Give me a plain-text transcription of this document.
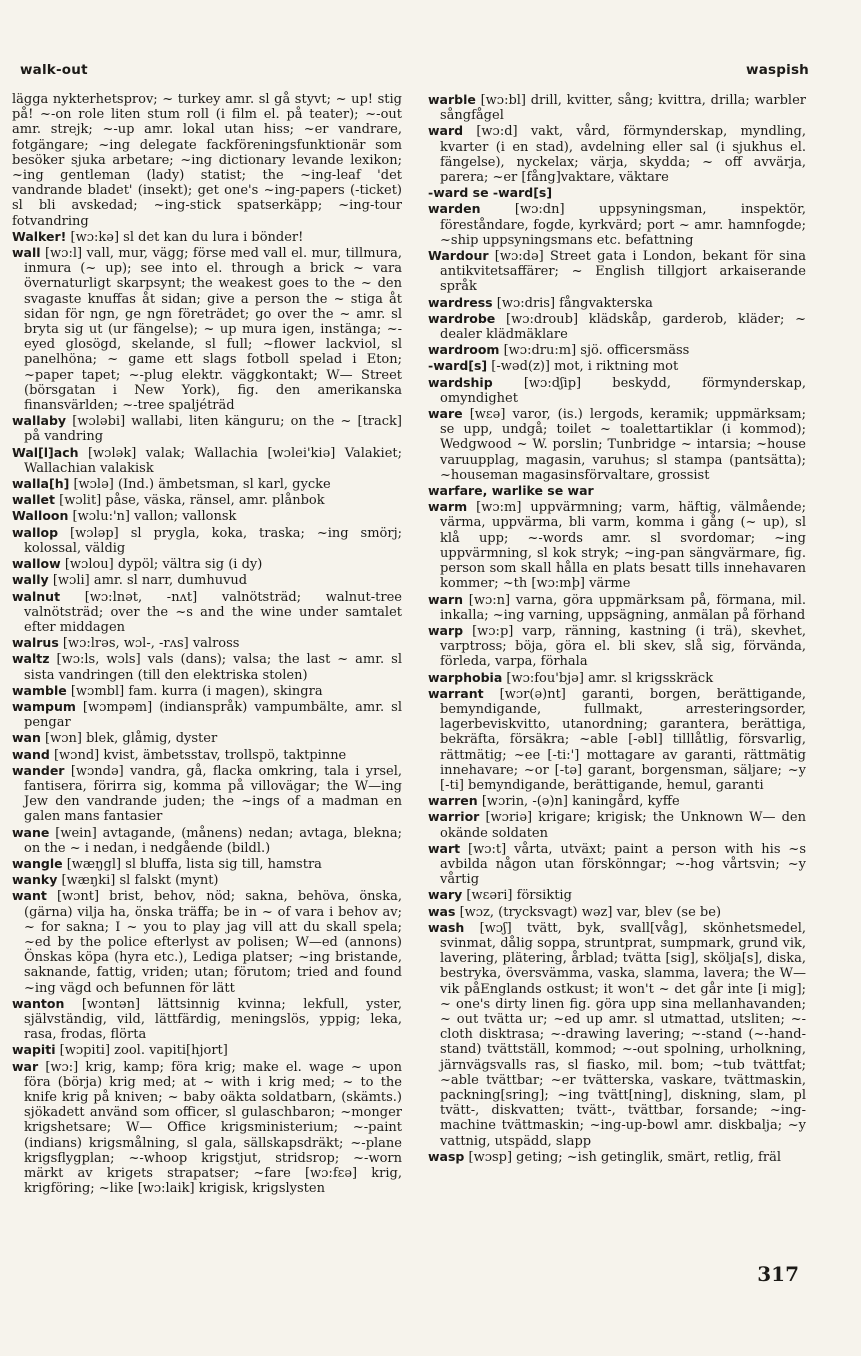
walk-out	waspish

lägga nykterhetsprov; ~ turkey amr. sl gå styvt; ~ up! stig på! ~-on role liten stum roll (i film el. på teater); ~-out amr. strejk; ~-up amr. lokal utan hiss; ~er vandrare, fotgängare; ~ing delegate fackföreningsfunktionär som besöker sjuka arbetare; ~ing dictionary levande lexikon; ~ing gentleman (lady) statist; the ~ing-leaf 'det vandrande bladet' (insekt); get one's ~ing-papers (-ticket) sl bli avskedad; ~ing-stick spatserkäpp; ~ing-tour fotvandring

Walker! [wɔ:kə] sl det kan du lura i bönder!

wall [wɔ:l] vall, mur, vägg; förse med vall el. mur, tillmura, inmura (~ up); see into el. through a brick ~ vara övernaturligt skarpsynt; the weakest goes to the ~ den svagaste knuffas åt sidan; give a person the ~ stiga åt sidan för ngn, ge ngn företrädet; go over the ~ amr. sl bryta sig ut (ur fängelse); ~ up mura igen, instänga; ~-eyed glosögd, skelande, sl full; ~flower lackviol, sl panelhöna; ~ game ett slags fotboll spelad i Eton; ~paper tapet; ~-plug elektr. väggkontakt; W— Street (börsgatan i New York), fig. den amerikanska finansvärlden; ~-tree spaljéträd

wallaby [wɔləbi] wallabi, liten känguru; on the ~ [track] på vandring

Wal[l]ach [wɔlək] valak; Wallachia [wɔlei'kiə] Valakiet; Wallachian valakisk

walla[h] [wɔlə] (Ind.) ämbetsman, sl karl, gycke

wallet [wɔlit] påse, väska, ränsel, amr. plånbok

Walloon [wɔlu:'n] vallon; vallonsk

wallop [wɔləp] sl prygla, koka, traska; ~ing smörj; kolossal, väldig

wallow [wɔlou] dypöl; vältra sig (i dy)

wally [wɔli] amr. sl narr, dumhuvud

walnut [wɔ:lnət, -nʌt] valnötsträd; walnut-tree valnötsträd; over the ~s and the wine under samtalet efter middagen

walrus [wɔ:lrəs, wɔl-, -rʌs] valross

waltz [wɔ:ls, wɔls] vals (dans); valsa; the last ~ amr. sl sista vandringen (till den elektriska stolen)

wamble [wɔmbl] fam. kurra (i magen), skingra

wampum [wɔmpəm] (indianspråk) vampumbälte, amr. sl pengar

wan [wɔn] blek, glåmig, dyster

wand [wɔnd] kvist, ämbetsstav, trollspö, taktpinne

wander [wɔndə] vandra, gå, flacka omkring, tala i yrsel, fantisera, förirra sig, komma på villovägar; the W—ing Jew den vandrande juden; the ~ings of a madman en galen mans fantasier

wane [wein] avtagande, (månens) nedan; avtaga, blekna; on the ~ i nedan, i nedgående (bildl.)

wangle [wæŋgl] sl bluffa, lista sig till, hamstra

wanky [wæŋki] sl falskt (mynt)

want [wɔnt] brist, behov, nöd; sakna, behöva, önska, (gärna) vilja ha, önska träffa; be in ~ of vara i behov av; ~ for sakna; I ~ you to play jag vill att du skall spela; ~ed by the police efterlyst av polisen; W—ed (annons) Önskas köpa (hyra etc.), Lediga platser; ~ing bristande, saknande, fattig, vriden; utan; förutom; tried and found ~ing vägd och befunnen för lätt

wanton [wɔntən] lättsinnig kvinna; lekfull, yster, självständig, vild, lättfärdig, meningslös, yppig; leka, rasa, frodas, flörta

wapiti [wɔpiti] zool. vapiti[hjort]

war [wɔ:] krig, kamp; föra krig; make el. wage ~ upon föra (börja) krig med; at ~ with i krig med; ~ to the knife krig på kniven; ~ baby oäkta soldatbarn, (skämts.) sjökadett använd som officer, sl gulaschbaron; ~monger krigshetsare; W— Office krigsministerium; ~-paint (indians) krigsmålning, sl gala, sällskapsdräkt; ~-plane krigsflygplan; ~-whoop krigstjut, stridsrop; ~-worn märkt av krigets strapatser; ~fare [wɔ:fɛə] krig, krigföring; ~like [wɔ:laik] krigisk, krigslysten

warble [wɔ:bl] drill, kvitter, sång; kvittra, drilla; warbler sångfågel

ward [wɔ:d] vakt, vård, förmynderskap, myndling, kvarter (i en stad), avdelning eller sal (i sjukhus el. fängelse), nyckelax; värja, skydda; ~ off avvärja, parera; ~er [fång]vaktare, väktare

-ward se -ward[s]

warden [wɔ:dn] uppsyningsman, inspektör, föreståndare, fogde, kyrkvärd; port ~ amr. hamnfogde; ~ship uppsyningsmans etc. befattning

Wardour [wɔ:də] Street gata i London, bekant för sina antikvitetsaffärer; ~ English tillgjort arkaiserande språk

wardress [wɔ:dris] fångvakterska

wardrobe [wɔ:droub] klädskåp, garderob, kläder; ~ dealer klädmäklare

wardroom [wɔ:dru:m] sjö. officersmäss

-ward[s] [-wəd(z)] mot, i riktning mot

wardship [wɔ:dʃip] beskydd, förmynderskap, omyndighet

ware [wɛə] varor, (is.) lergods, keramik; uppmärksam; se upp, undgå; toilet ~ toalettartiklar (i kommod); Wedgwood ~ W. porslin; Tunbridge ~ intarsia; ~house varuupplag, magasin, varuhus; sl stampa (pantsätta); ~houseman magasinsförvaltare, grossist

warfare, warlike se war

warm [wɔ:m] uppvärmning; varm, häftig, välmående; värma, uppvärma, bli varm, komma i gång (~ up), sl klå upp; ~-words amr. sl svordomar; ~ing uppvärmning, sl kok stryk; ~ing-pan sängvärmare, fig. person som skall hålla en plats besatt tills innehavaren kommer; ~th [wɔ:mþ] värme

warn [wɔ:n] varna, göra uppmärksam på, förmana, mil. inkalla; ~ing varning, uppsägning, anmälan på förhand

warp [wɔ:p] varp, ränning, kastning (i trä), skevhet, varptross; böja, göra el. bli skev, slå sig, förvända, förleda, varpa, förhala

warphobia [wɔ:fou'bjə] amr. sl krigsskräck

warrant [wɔr(ə)nt] garanti, borgen, berättigande, bemyndigande, fullmakt, arresteringsorder, lagerbeviskvitto, utanordning; garantera, berättiga, bekräfta, försäkra; ~able [-əbl] tilllåtlig, försvarlig, rättmätig; ~ee [-ti:'] mottagare av garanti, rättmätig innehavare; ~or [-tə] garant, borgensman, säljare; ~y [-ti] bemyndigande, berättigande, hemul, garanti

warren [wɔrin, -(ə)n] kaningård, kyffe

warrior [wɔriə] krigare; krigisk; the Unknown W— den okände soldaten

wart [wɔ:t] vårta, utväxt; paint a person with his ~s avbilda någon utan förskönngar; ~-hog vårtsvin; ~y vårtig

wary [wɛəri] försiktig

was [wɔz, (trycksvagt) wəz] var, blev (se be)

wash [wɔʃ] tvätt, byk, svall[våg], skönhetsmedel, svinmat, dålig soppa, struntprat, sumpmark, grund vik, lavering, plätering, årblad; tvätta [sig], skölja[s], diska, bestryka, översvämma, vaska, slamma, lavera; the W— vik påEnglands ostkust; it won't ~ det går inte [i mig]; ~ one's dirty linen fig. göra upp sina mellanhavanden; ~ out tvätta ur; ~ed up amr. sl utmattad, utsliten; ~-cloth disktrasa; ~-drawing lavering; ~-stand (~-hand-stand) tvättställ, kommod; ~-out spolning, urholkning, järnvägsvalls ras, sl fiasko, mil. bom; ~tub tvättfat; ~able tvättbar; ~er tvätterska, vaskare, tvättmaskin, packning[sring]; ~ing tvätt[ning], diskning, slam, pl tvätt-, diskvatten; tvätt-, tvättbar, forsande; ~ing-machine tvättmaskin; ~ing-up-bowl amr. diskbalja; ~y vattnig, utspädd, slapp

wasp [wɔsp] geting; ~ish getinglik, smärt, retlig, fräl

317
